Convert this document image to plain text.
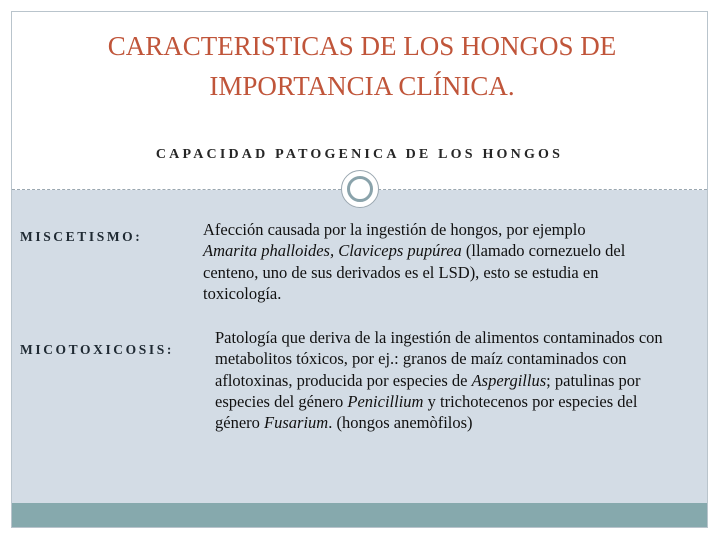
CARACTERISTICAS DE LOS HONGOS DE
IMPORTANCIA CLÍNICA.
CAPACIDAD PATOGENICA DE LOS HONGOS
MISCETISMO:	Afección causada por la ingestión de hongos, por ejemplo Amarita phalloides, Claviceps pupúrea (llamado cornezuelo del centeno, uno de sus derivados es el LSD), esto se estudia en toxicología.
MICOTOXICOSIS:
Patología que deriva de la ingestión de alimentos contaminados con metabolitos tóxicos, por ej.: granos de maíz contaminados con aflotoxinas, producida por especies de Aspergillus; patulinas por especies del género Penicillium y trichotecenos por especies del género Fusarium. (hongos anemòfilos)
